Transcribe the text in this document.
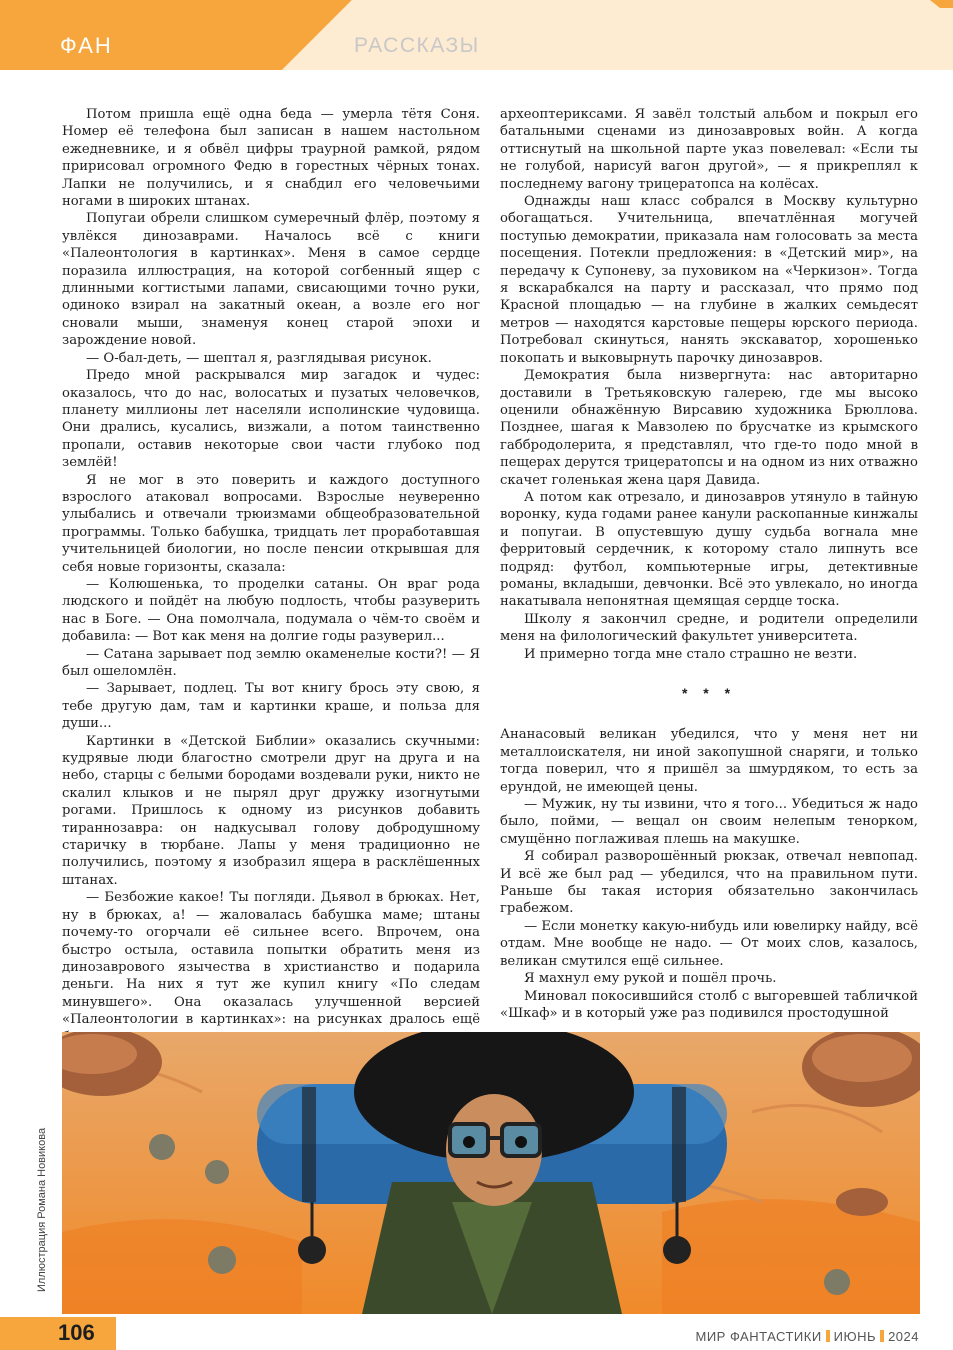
ФАН	РАССКАЗЫ

Потом пришла ещё одна беда — умерла тётя Соня. Номер её телефона был записан в нашем настольном ежедневнике, и я обвёл цифры траурной рамкой, рядом пририсовал огромного Федю в горестных чёрных тонах. Лапки не получились, и я снабдил его человечьими ногами в широких штанах.

Попугаи обрели слишком сумеречный флёр, поэтому я увлёкся динозаврами. Началось всё с книги «Палеонтология в картинках». Меня в самое сердце поразила иллюстрация, на которой согбенный ящер с длинными когтистыми лапами, свисающими точно руки, одиноко взирал на закатный океан, а возле его ног сновали мыши, знаменуя конец старой эпохи и зарождение новой.

— О-бал-деть, — шептал я, разглядывая рисунок.

Предо мной раскрывался мир загадок и чудес: оказалось, что до нас, волосатых и пузатых человечков, планету миллионы лет населяли исполинские чудовища. Они дрались, кусались, визжали, а потом таинственно пропали, оставив некоторые свои части глубоко под землёй!

Я не мог в это поверить и каждого доступного взрослого атаковал вопросами. Взрослые неуверенно улыбались и отвечали трюизмами общеобразовательной программы. Только бабушка, тридцать лет проработавшая учительницей биологии, но после пенсии открывшая для себя новые горизонты, сказала:

— Колюшенька, то проделки сатаны. Он враг рода людского и пойдёт на любую подлость, чтобы разуверить нас в Боге. — Она помолчала, подумала о чём-то своём и добавила: — Вот как меня на долгие годы разуверил...

— Сатана зарывает под землю окаменелые кости?! — Я был ошеломлён.

— Зарывает, подлец. Ты вот книгу брось эту свою, я тебе другую дам, там и картинки краше, и польза для души...

Картинки в «Детской Библии» оказались скучными: кудрявые люди благостно смотрели друг на друга и на небо, старцы с белыми бородами воздевали руки, никто не скалил клыков и не пырял друг дружку изогнутыми рогами. Пришлось к одному из рисунков добавить тираннозавра: он надкусывал голову добродушному старичку в тюрбане. Лапы у меня традиционно не получились, поэтому я изобразил ящера в расклёшенных штанах.

— Безбожие какое! Ты погляди. Дьявол в брюках. Нет, ну в брюках, а! — жаловалась бабушка маме; штаны почему-то огорчали её сильнее всего. Впрочем, она быстро остыла, оставила попытки обратить меня из динозаврового язычества в христианство и подарила деньги. На них я тут же купил книгу «По следам минувшего». Она оказалась улучшенной версией «Палеонтологии в картинках»: на рисунках дралось ещё

археоптериксами. Я завёл толстый альбом и покрыл его батальными сценами из динозавровых войн. А когда оттиснутый на школьной парте указ повелевал: «Если ты не голубой, нарисуй вагон другой», — я прикреплял к последнему вагону трицератопса на колёсах.

Однажды наш класс собрался в Москву культурно обогащаться. Учительница, впечатлённая могучей поступью демократии, приказала нам голосовать за места посещения. Потекли предложения: в «Детский мир», на передачу к Супоневу, за пуховиком на «Черкизон». Тогда я вскарабкался на парту и рассказал, что прямо под Красной площадью — на глубине в жалких семьдесят метров — находятся карстовые пещеры юрского периода. Потребовал скинуться, нанять экскаватор, хорошенько покопать и выковырнуть парочку динозавров.

Демократия была низвергнута: нас авторитарно доставили в Третьяковскую галерею, где мы высоко оценили обнажённую Вирсавию художника Брюллова. Позднее, шагая к Мавзолею по брусчатке из крымского габбродолерита, я представлял, что где-то подо мной в пещерах дерутся трицератопсы и на одном из них отважно скачет голенькая жена царя Давида.

А потом как отрезало, и динозавров утянуло в тайную воронку, куда годами ранее канули раскопанные кинжалы и попугаи. В опустевшую душу судьба вогнала мне ферритовый сердечник, к которому стало липнуть все подряд: футбол, компьютерные игры, детективные романы, вкладыши, девчонки. Всё это увлекало, но иногда накатывала непонятная щемящая сердце тоска.

Школу я закончил средне, и родители определили меня на филологический факультет университета.

И примерно тогда мне стало страшно не везти.

* * *

Ананасовый великан убедился, что у меня нет ни металлоискателя, ни иной закопушной снаряги, и только тогда поверил, что я пришёл за шмурдяком, то есть за ерундой, не имеющей цены.

— Мужик, ну ты извини, что я того... Убедиться ж надо было, пойми, — вещал он своим нелепым тенорком, смущённо поглаживая плешь на макушке.

Я собирал разворошённый рюкзак, отвечал невпопад. И всё же был рад — убедился, что на правильном пути. Раньше бы такая история обязательно закончилась грабежом.

— Если монетку какую-нибудь или ювелирку найду, всё отдам. Мне вообще не надо. — От моих слов, казалось, великан смутился ещё сильнее.

Я махнул ему рукой и пошёл прочь.

Миновал покосившийся столб с выгоревшей табличкой «Шкаф» и в который уже раз подивился простодушной

Иллюстрация Романа Новикова
106	МИР ФАНТАСТИКИ ИЮНЬ 2024
